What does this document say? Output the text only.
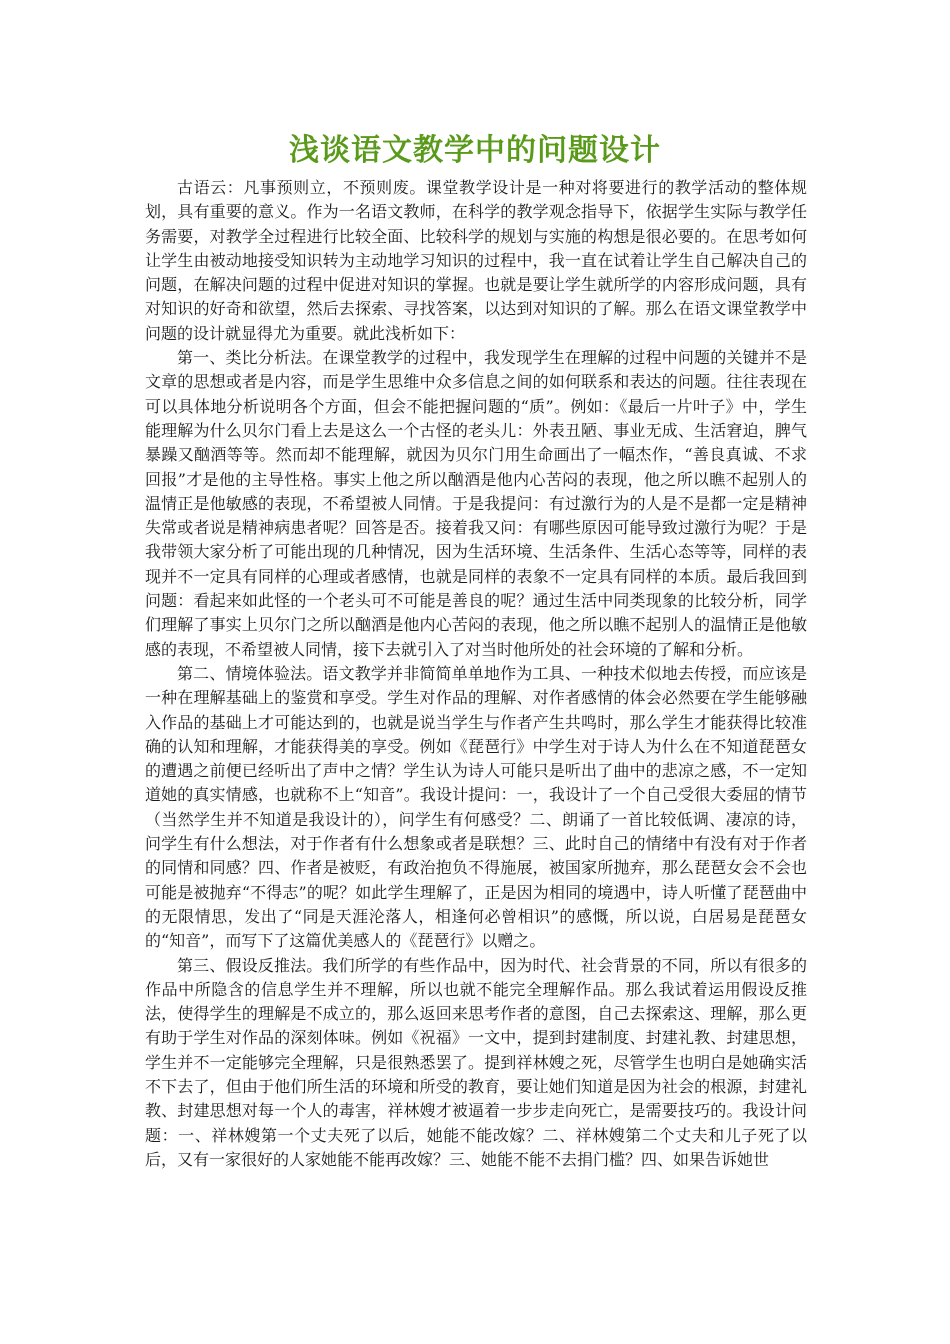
浅谈语文教学中的问题设计

古语云：凡事预则立，不预则废。课堂教学设计是一种对将要进行的教学活动的整体规划，具有重要的意义。作为一名语文教师，在科学的教学观念指导下，依据学生实际与教学任务需要，对教学全过程进行比较全面、比较科学的规划与实施的构想是很必要的。在思考如何让学生由被动地接受知识转为主动地学习知识的过程中，我一直在试着让学生自己解决自己的问题，在解决问题的过程中促进对知识的掌握。也就是要让学生就所学的内容形成问题，具有对知识的好奇和欲望，然后去探索、寻找答案，以达到对知识的了解。那么在语文课堂教学中问题的设计就显得尤为重要。就此浅析如下：

第一、类比分析法。在课堂教学的过程中，我发现学生在理解的过程中问题的关键并不是文章的思想或者是内容，而是学生思维中众多信息之间的如何联系和表达的问题。往往表现在可以具体地分析说明各个方面，但会不能把握问题的“质”。例如：《最后一片叶子》中，学生能理解为什么贝尔门看上去是这么一个古怪的老头儿：外表丑陋、事业无成、生活窘迫，脾气暴躁又酗酒等等。然而却不能理解，就因为贝尔门用生命画出了一幅杰作，“善良真诚、不求回报”才是他的主导性格。事实上他之所以酗酒是他内心苦闷的表现，他之所以瞧不起别人的温情正是他敏感的表现，不希望被人同情。于是我提问：有过激行为的人是不是都一定是精神失常或者说是精神病患者呢？回答是否。接着我又问：有哪些原因可能导致过激行为呢？于是我带领大家分析了可能出现的几种情况，因为生活环境、生活条件、生活心态等等，同样的表现并不一定具有同样的心理或者感情，也就是同样的表象不一定具有同样的本质。最后我回到问题：看起来如此怪的一个老头可不可能是善良的呢？通过生活中同类现象的比较分析，同学们理解了事实上贝尔门之所以酗酒是他内心苦闷的表现，他之所以瞧不起别人的温情正是他敏感的表现，不希望被人同情，接下去就引入了对当时他所处的社会环境的了解和分析。

第二、情境体验法。语文教学并非简简单单地作为工具、一种技术似地去传授，而应该是一种在理解基础上的鉴赏和享受。学生对作品的理解、对作者感情的体会必然要在学生能够融入作品的基础上才可能达到的，也就是说当学生与作者产生共鸣时，那么学生才能获得比较准确的认知和理解，才能获得美的享受。例如《琵琶行》中学生对于诗人为什么在不知道琵琶女的遭遇之前便已经听出了声中之情？学生认为诗人可能只是听出了曲中的悲凉之感，不一定知道她的真实情感，也就称不上“知音”。我设计提问：一，我设计了一个自己受很大委屈的情节（当然学生并不知道是我设计的），问学生有何感受？二、朗诵了一首比较低调、凄凉的诗，问学生有什么想法，对于作者有什么想象或者是联想？三、此时自己的情绪中有没有对于作者的同情和同感？四、作者是被贬，有政治抱负不得施展，被国家所抛弃，那么琵琶女会不会也可能是被抛弃“不得志”的呢？如此学生理解了，正是因为相同的境遇中，诗人听懂了琵琶曲中的无限情思，发出了“同是天涯沦落人，相逢何必曾相识”的感慨，所以说，白居易是琵琶女的“知音”，而写下了这篇优美感人的《琵琶行》以赠之。

第三、假设反推法。我们所学的有些作品中，因为时代、社会背景的不同，所以有很多的作品中所隐含的信息学生并不理解，所以也就不能完全理解作品。那么我试着运用假设反推法，使得学生的理解是不成立的，那么返回来思考作者的意图，自己去探索这、理解，那么更有助于学生对作品的深刻体味。例如《祝福》一文中，提到封建制度、封建礼教、封建思想，学生并不一定能够完全理解，只是很熟悉罢了。提到祥林嫂之死，尽管学生也明白是她确实活不下去了，但由于他们所生活的环境和所受的教育，要让她们知道是因为社会的根源，封建礼教、封建思想对每一个人的毒害，祥林嫂才被逼着一步步走向死亡，是需要技巧的。我设计问题：一、祥林嫂第一个丈夫死了以后，她能不能改嫁？二、祥林嫂第二个丈夫和儿子死了以后，又有一家很好的人家她能不能再改嫁？三、她能不能不去捐门槛？四、如果告诉她世
